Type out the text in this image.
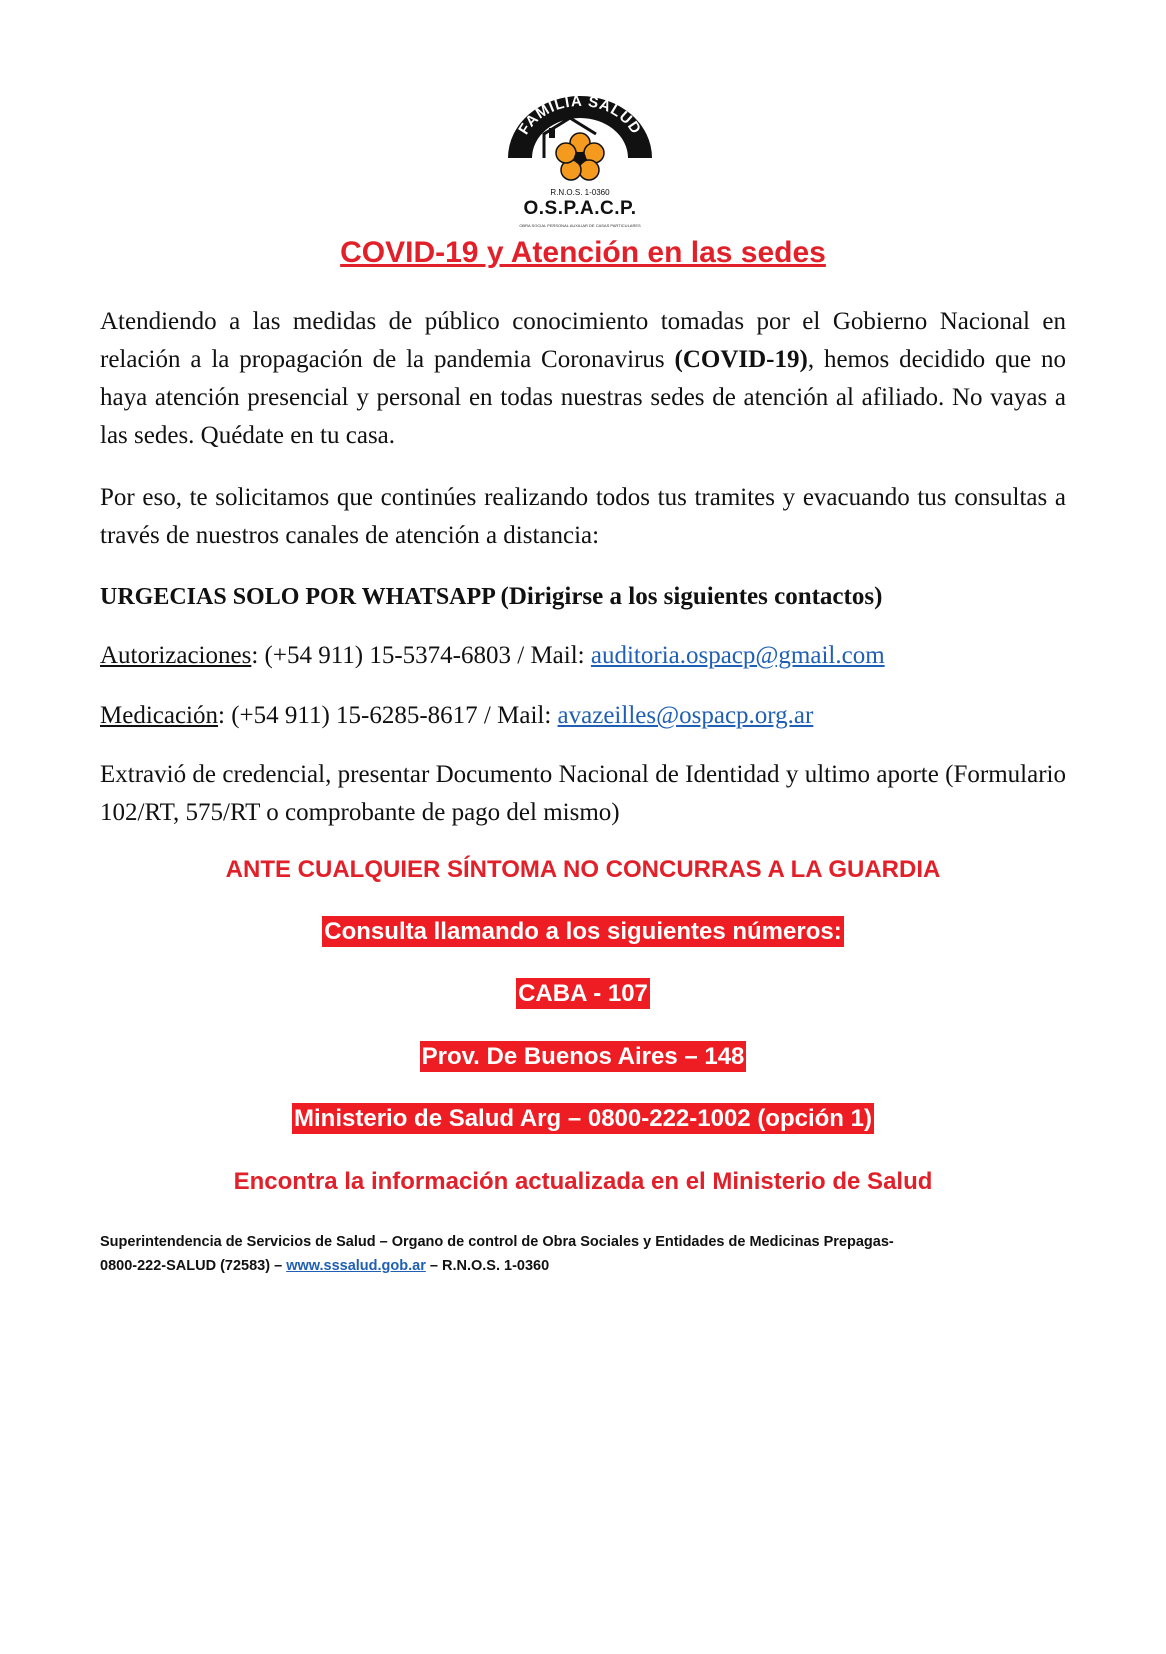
FAMILIA SALUD
R.N.O.S. 1-0360
O.S.P.A.C.P.
OBRA SOCIAL PERSONAL AUXILIAR DE CASAS PARTICULARES
COVID-19 y Atención en las sedes

Atendiendo a las medidas de público conocimiento tomadas por el Gobierno Nacional en relación a la propagación de la pandemia Coronavirus (COVID-19), hemos decidido que no haya atención presencial y personal en todas nuestras sedes de atención al afiliado. No vayas a las sedes. Quédate en tu casa.

Por eso, te solicitamos que continúes realizando todos tus tramites y evacuando tus consultas a través de nuestros canales de atención a distancia:

URGECIAS SOLO POR WHATSAPP (Dirigirse a los siguientes contactos)

Autorizaciones: (+54 911) 15-5374-6803 / Mail: auditoria.ospacp@gmail.com

Medicación: (+54 911) 15-6285-8617 / Mail: avazeilles@ospacp.org.ar

Extravió de credencial, presentar Documento Nacional de Identidad y ultimo aporte (Formulario 102/RT, 575/RT o comprobante de pago del mismo)

ANTE CUALQUIER SÍNTOMA NO CONCURRAS A LA GUARDIA

Consulta llamando a los siguientes números:

CABA - 107

Prov. De Buenos Aires – 148

Ministerio de Salud Arg – 0800-222-1002 (opción 1)

Encontra la información actualizada en el Ministerio de Salud

Superintendencia de Servicios de Salud – Organo de control de Obra Sociales y Entidades de Medicinas Prepagas-

0800-222-SALUD (72583) – www.sssalud.gob.ar – R.N.O.S. 1-0360
